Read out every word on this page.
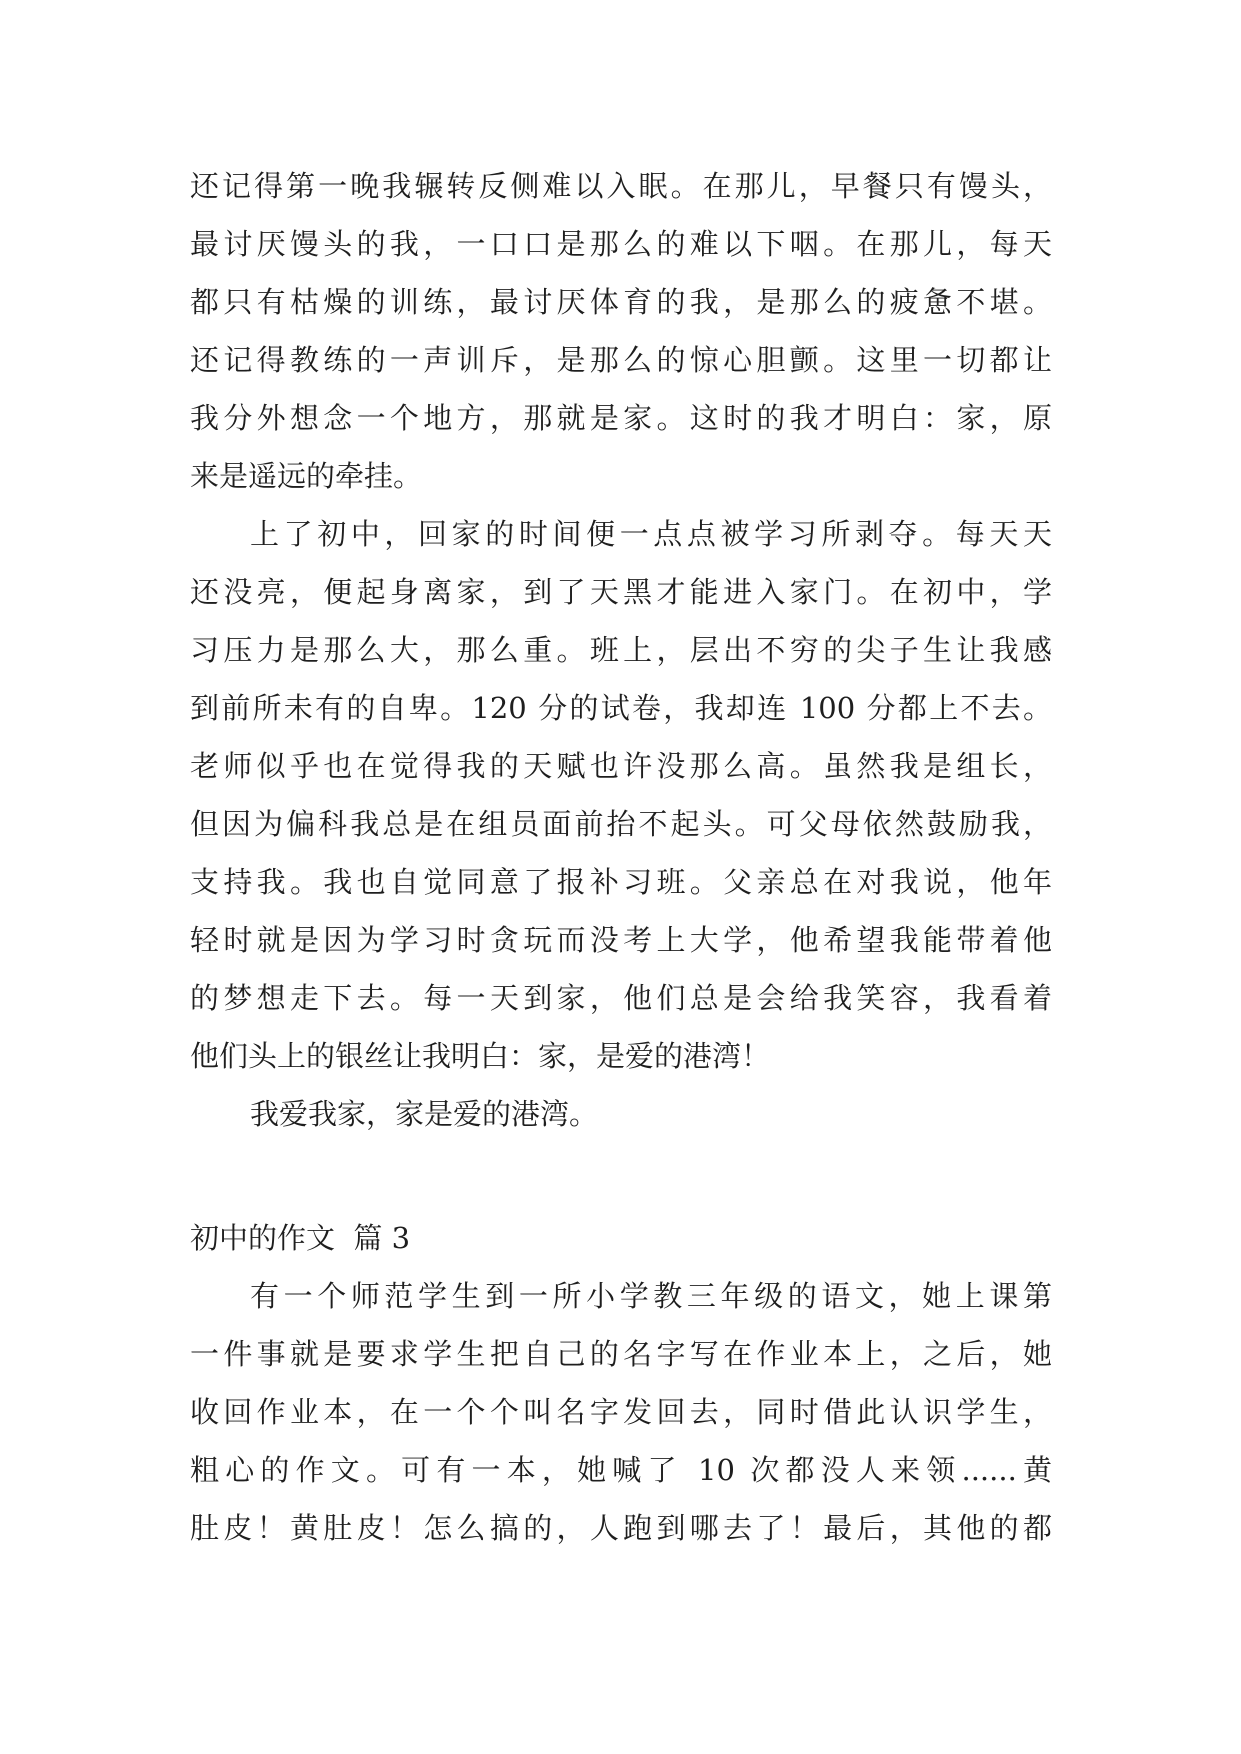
还记得第一晚我辗转反侧难以入眠。在那儿，早餐只有馒头，
最讨厌馒头的我，一口口是那么的难以下咽。在那儿，每天
都只有枯燥的训练，最讨厌体育的我，是那么的疲惫不堪。
还记得教练的一声训斥，是那么的惊心胆颤。这里一切都让
我分外想念一个地方，那就是家。这时的我才明白：家，原
来是遥远的牵挂。
上了初中，回家的时间便一点点被学习所剥夺。每天天
还没亮，便起身离家，到了天黑才能进入家门。在初中，学
习压力是那么大，那么重。班上，层出不穷的尖子生让我感
到前所未有的自卑。120 分的试卷，我却连 100 分都上不去。
老师似乎也在觉得我的天赋也许没那么高。虽然我是组长，
但因为偏科我总是在组员面前抬不起头。可父母依然鼓励我，
支持我。我也自觉同意了报补习班。父亲总在对我说，他年
轻时就是因为学习时贪玩而没考上大学，他希望我能带着他
的梦想走下去。每一天到家，他们总是会给我笑容，我看着
他们头上的银丝让我明白：家，是爱的港湾！
我爱我家，家是爱的港湾。
初中的作文  篇 3
有一个师范学生到一所小学教三年级的语文，她上课第
一件事就是要求学生把自己的名字写在作业本上，之后，她
收回作业本，在一个个叫名字发回去，同时借此认识学生，
粗心的作文。可有一本，她喊了 10 次都没人来领......黄
肚皮！黄肚皮！怎么搞的，人跑到哪去了！最后，其他的都
